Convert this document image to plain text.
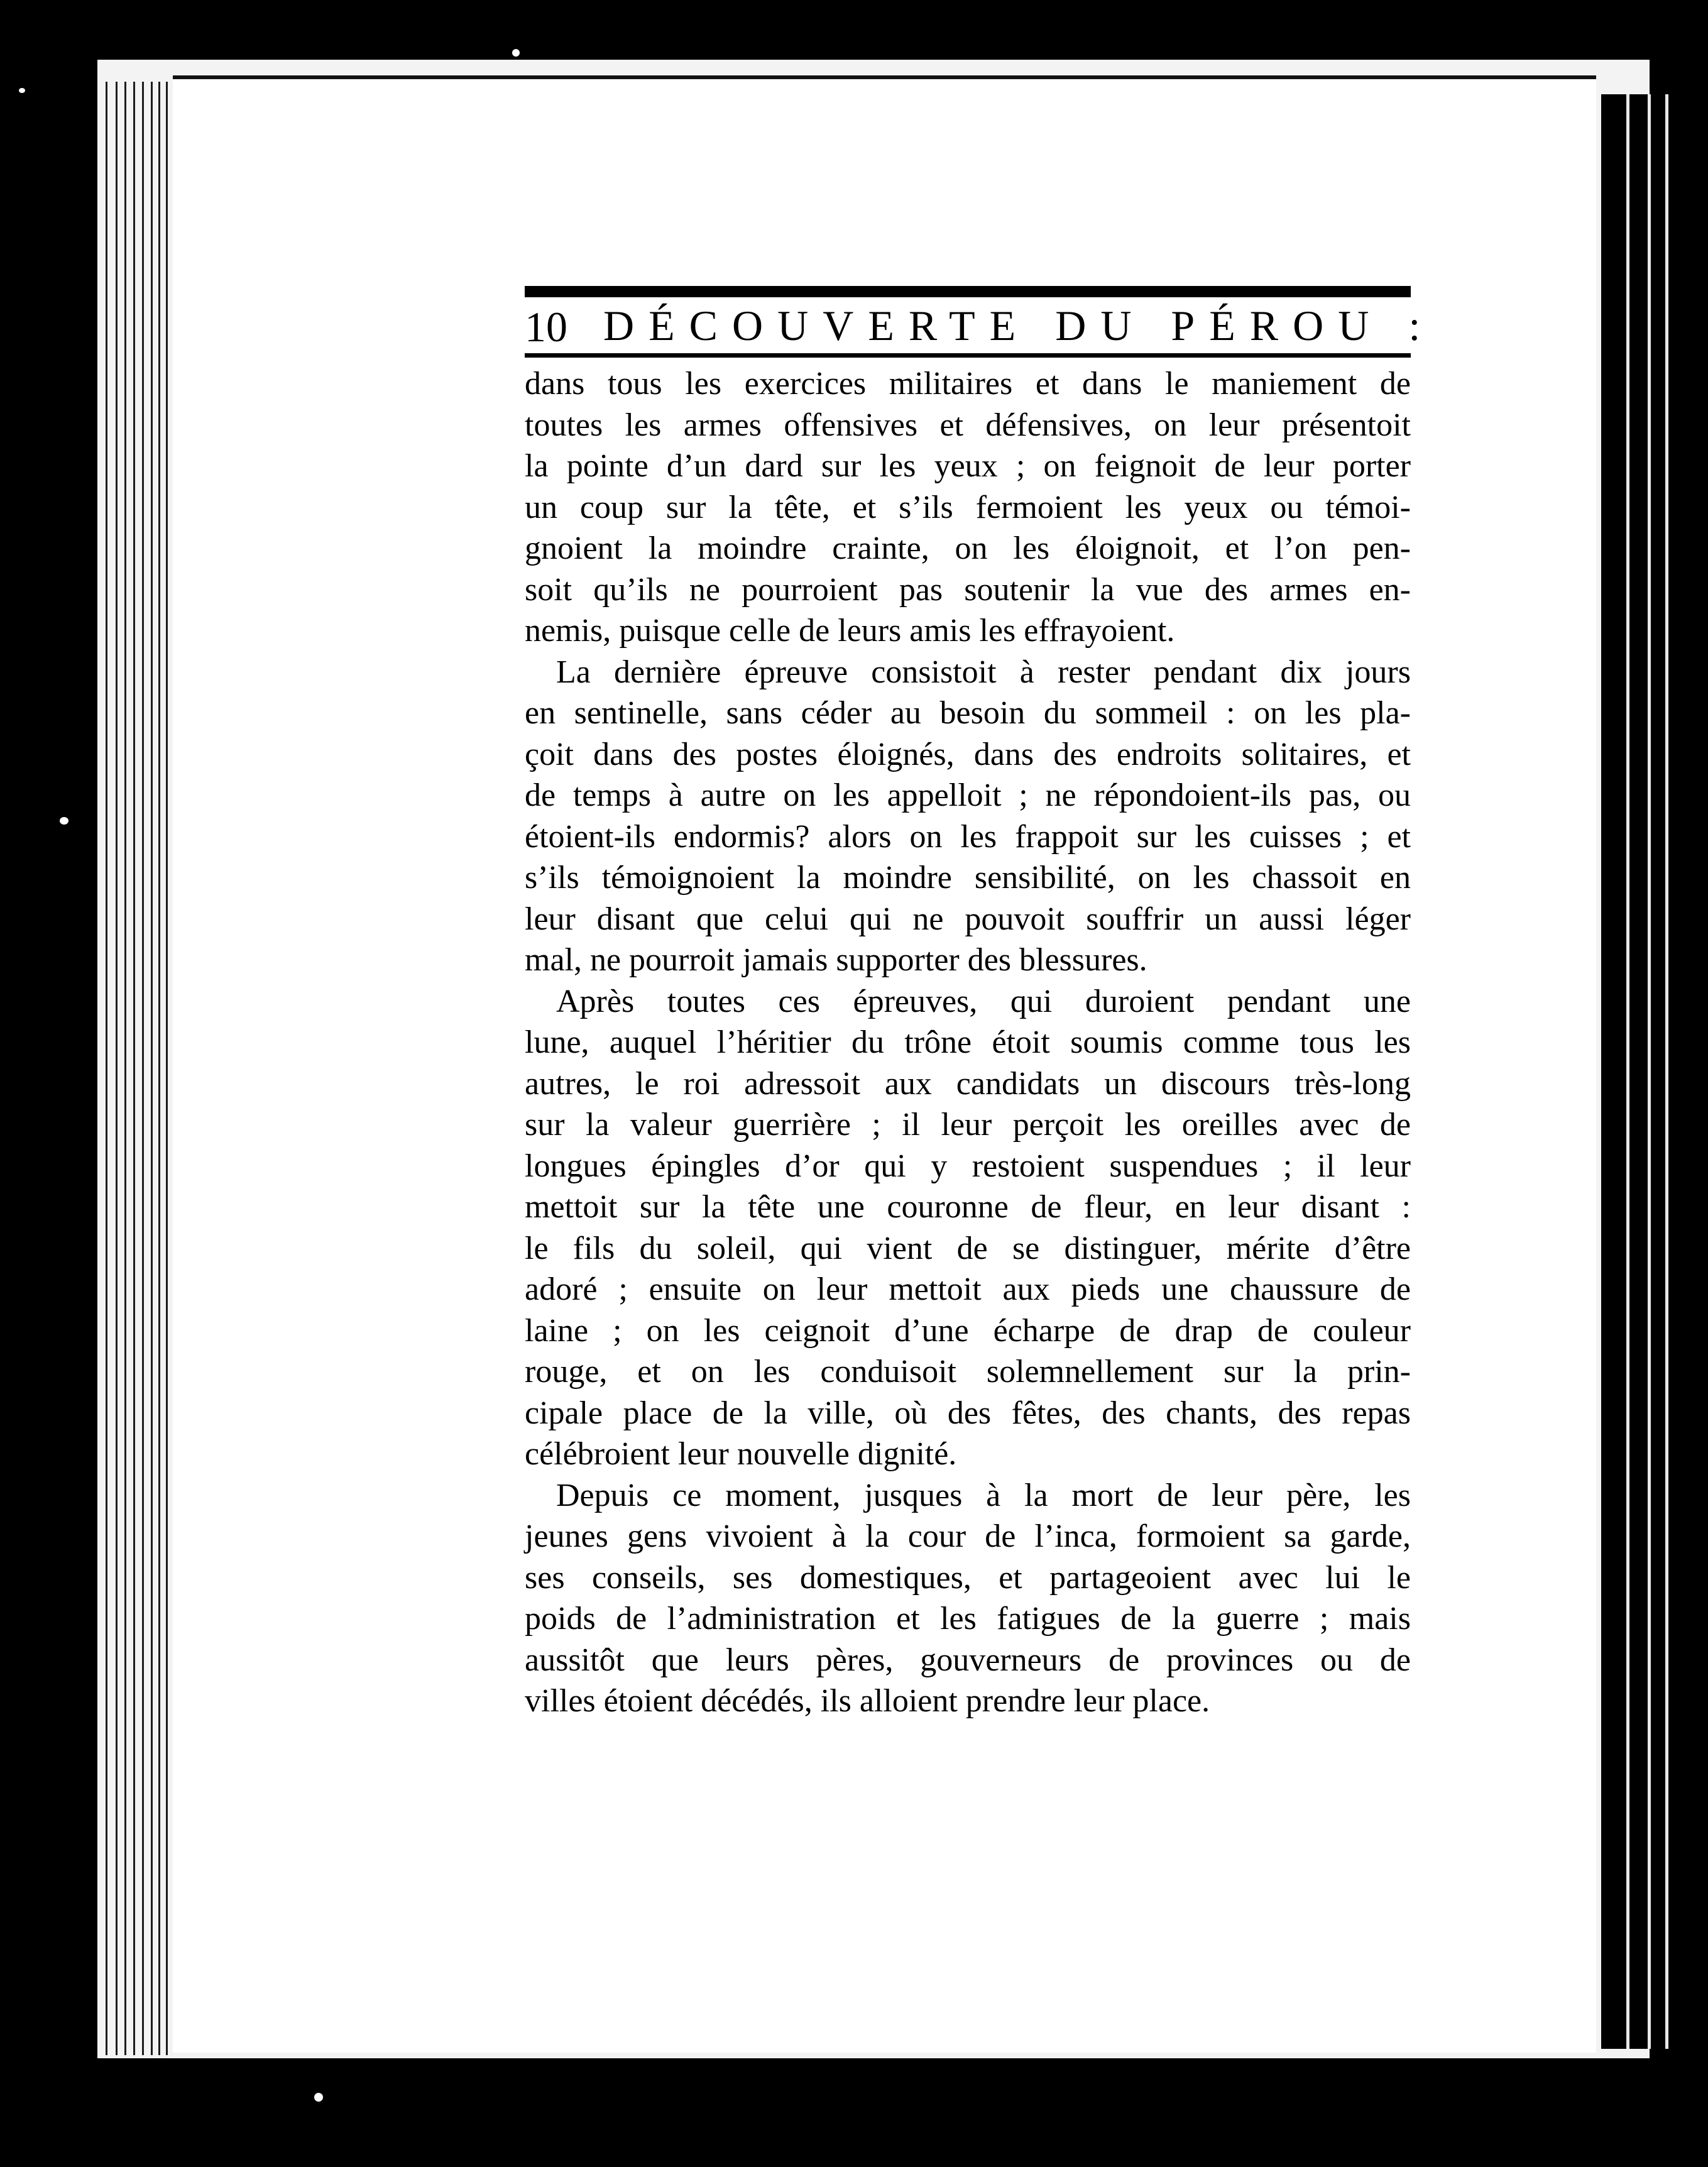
10 DÉCOUVERTE DU PÉROU :
dans tous les exercices militaires et dans le maniement de
toutes les armes offensives et défensives, on leur présentoit
la pointe d’un dard sur les yeux ; on feignoit de leur porter
un coup sur la tête, et s’ils fermoient les yeux ou témoi-
gnoient la moindre crainte, on les éloignoit, et l’on pen-
soit qu’ils ne pourroient pas soutenir la vue des armes en-
nemis, puisque celle de leurs amis les effrayoient.
La dernière épreuve consistoit à rester pendant dix jours
en sentinelle, sans céder au besoin du sommeil : on les pla-
çoit dans des postes éloignés, dans des endroits solitaires, et
de temps à autre on les appelloit ; ne répondoient-ils pas, ou
étoient-ils endormis? alors on les frappoit sur les cuisses ; et
s’ils témoignoient la moindre sensibilité, on les chassoit en
leur disant que celui qui ne pouvoit souffrir un aussi léger
mal, ne pourroit jamais supporter des blessures.
Après toutes ces épreuves, qui duroient pendant une
lune, auquel l’héritier du trône étoit soumis comme tous les
autres, le roi adressoit aux candidats un discours très-long
sur la valeur guerrière ; il leur perçoit les oreilles avec de
longues épingles d’or qui y restoient suspendues ; il leur
mettoit sur la tête une couronne de fleur, en leur disant :
le fils du soleil, qui vient de se distinguer, mérite d’être
adoré ; ensuite on leur mettoit aux pieds une chaussure de
laine ; on les ceignoit d’une écharpe de drap de couleur
rouge, et on les conduisoit solemnellement sur la prin-
cipale place de la ville, où des fêtes, des chants, des repas
célébroient leur nouvelle dignité.
Depuis ce moment, jusques à la mort de leur père, les
jeunes gens vivoient à la cour de l’inca, formoient sa garde,
ses conseils, ses domestiques, et partageoient avec lui le
poids de l’administration et les fatigues de la guerre ; mais
aussitôt que leurs pères, gouverneurs de provinces ou de
villes étoient décédés, ils alloient prendre leur place.
